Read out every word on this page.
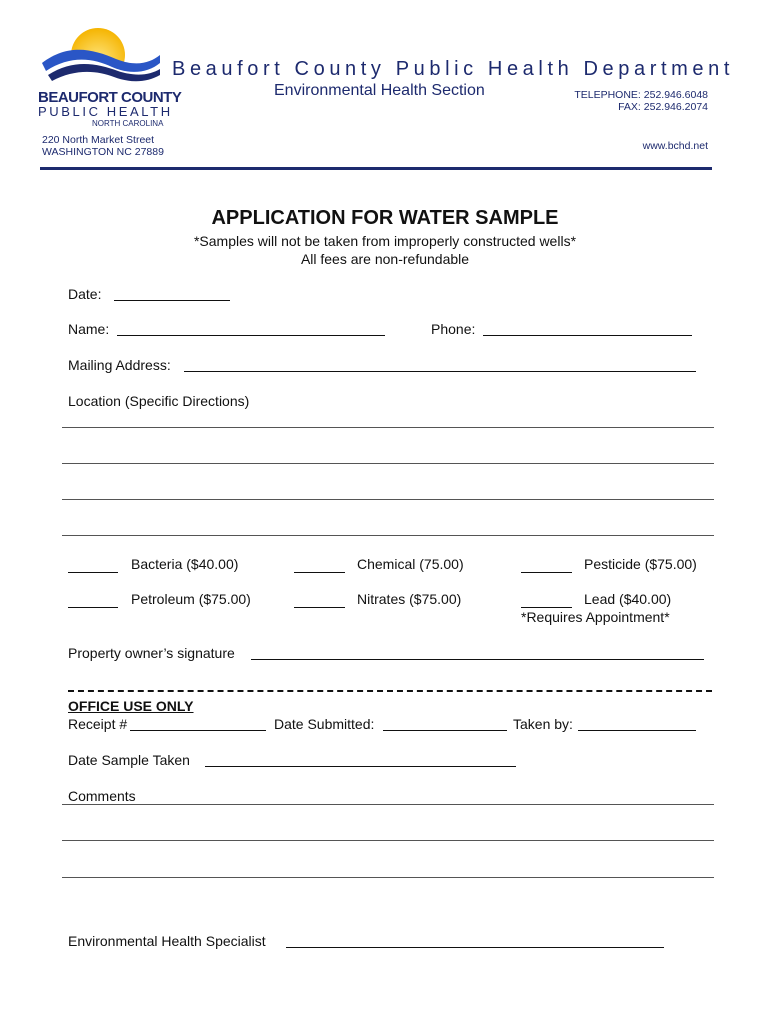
BEAUFORT COUNTY
PUBLIC HEALTH
NORTH CAROLINA
Beaufort County Public Health Department
Environmental Health Section	TELEPHONE: 252.946.6048
FAX: 252.946.2074
220 North Market Street
WASHINGTON NC 27889	www.bchd.net
APPLICATION FOR WATER SAMPLE
*Samples will not be taken from improperly constructed wells*
All fees are non-refundable
Date:
Name:	Phone:
Mailing Address:
Location (Specific Directions)
Bacteria ($40.00)	Chemical (75.00)	Pesticide ($75.00)
Petroleum ($75.00)	Nitrates ($75.00)	Lead ($40.00)
*Requires Appointment*
Property owner’s signature
OFFICE USE ONLY
Receipt #	Date Submitted:	Taken by:
Date Sample Taken
Comments
Environmental Health Specialist
